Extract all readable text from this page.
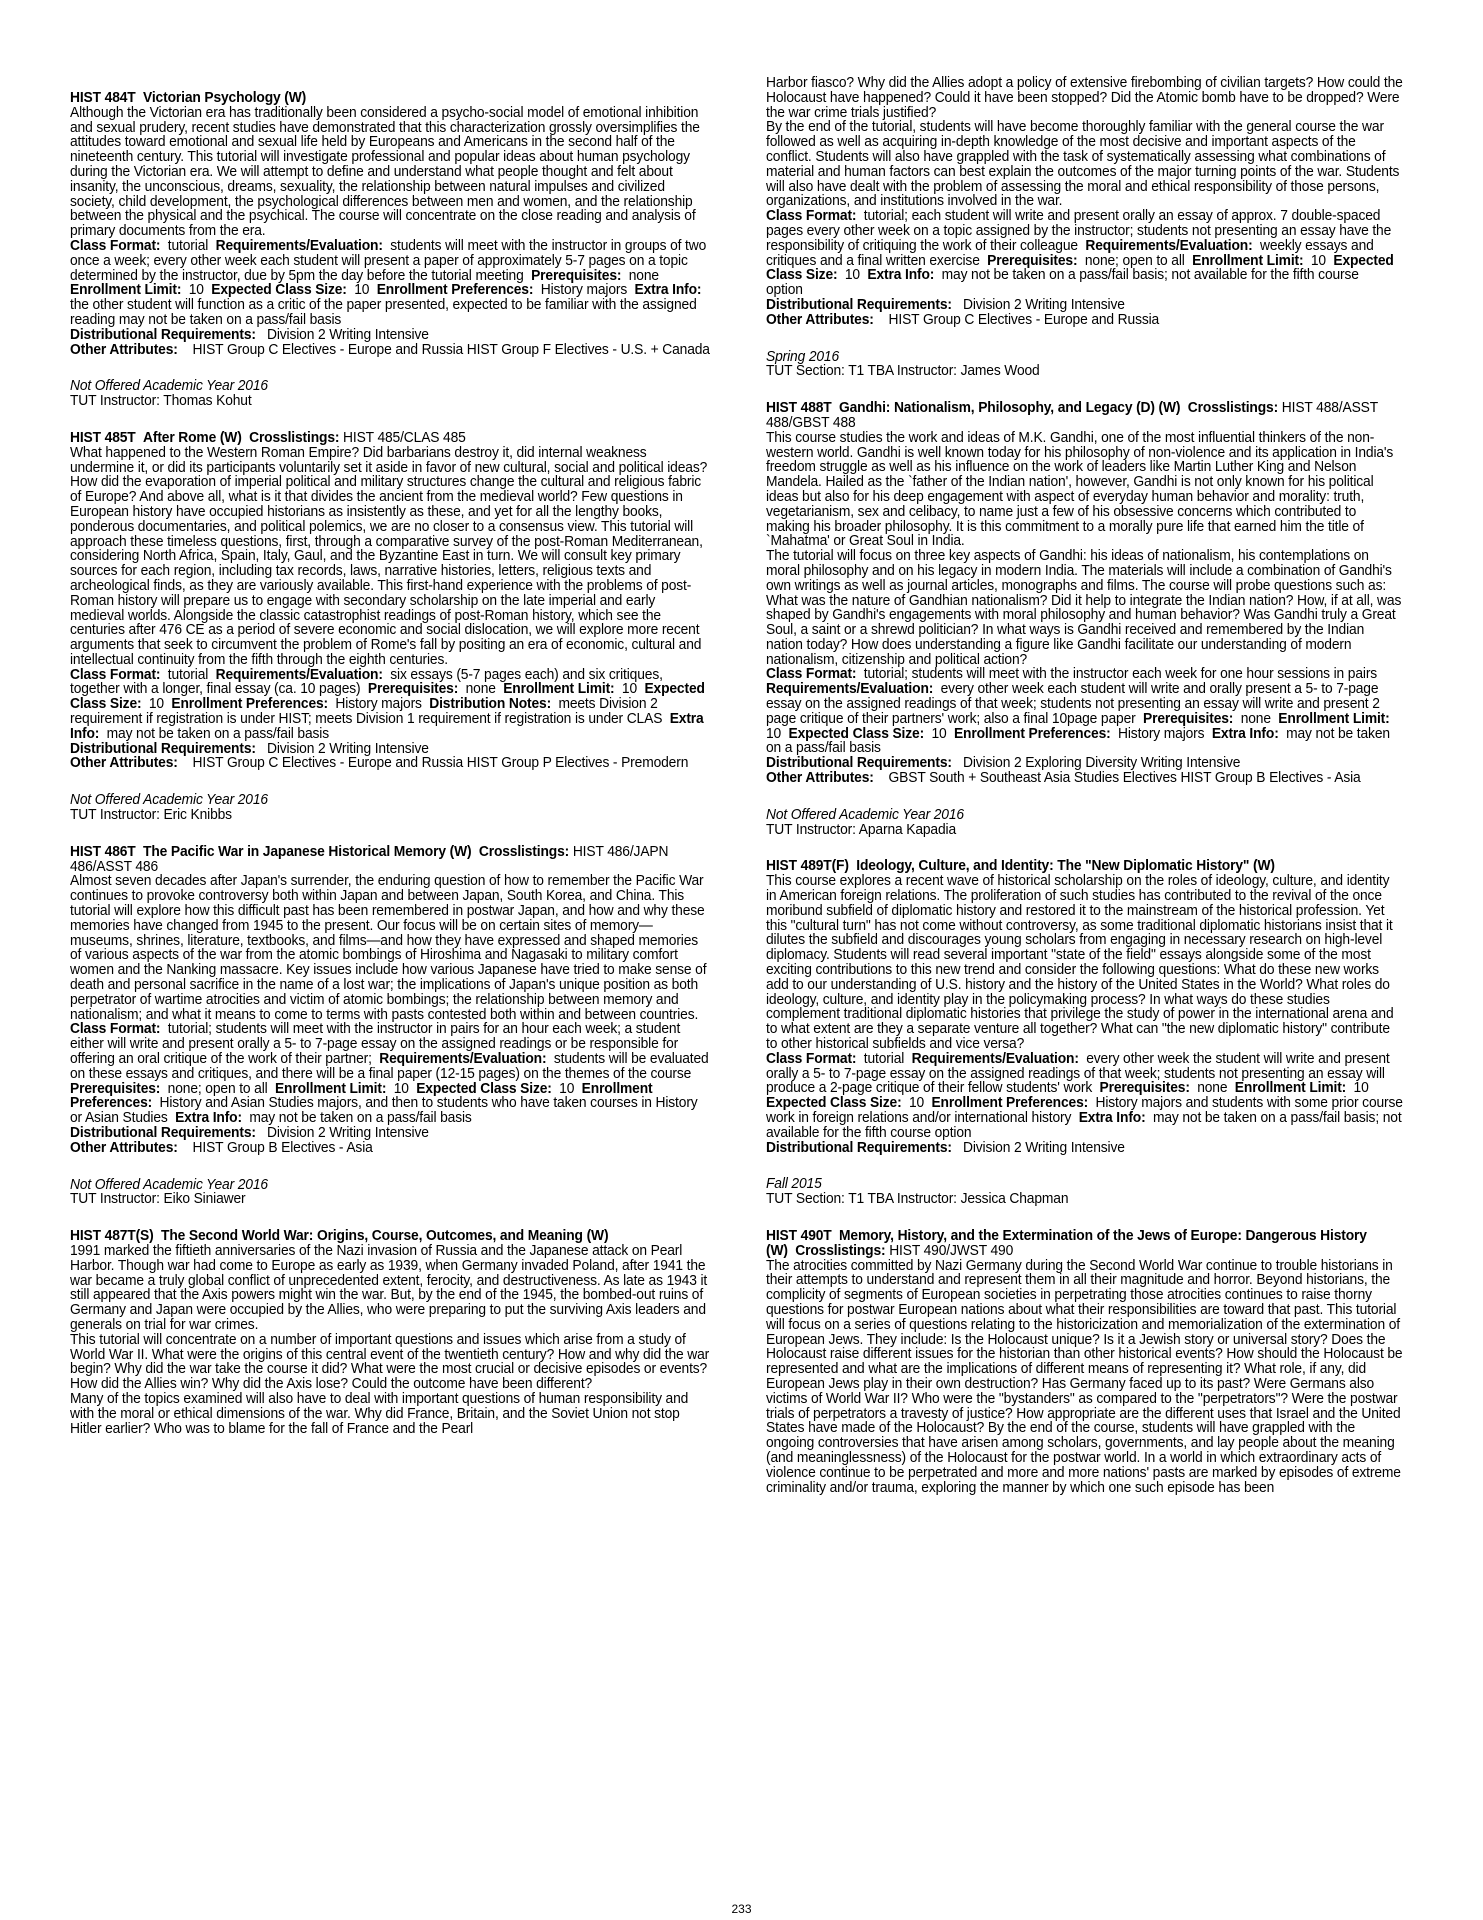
HIST 484T Victorian Psychology (W)

Although the Victorian era has traditionally been considered a psycho-social model of emotional inhibition and sexual prudery, recent studies have demonstrated that this characterization grossly oversimplifies the attitudes toward emotional and sexual life held by Europeans and Americans in the second half of the nineteenth century. This tutorial will investigate professional and popular ideas about human psychology during the Victorian era. We will attempt to define and understand what people thought and felt about insanity, the unconscious, dreams, sexuality, the relationship between natural impulses and civilized society, child development, the psychological differences between men and women, and the relationship between the physical and the psychical. The course will concentrate on the close reading and analysis of primary documents from the era.

Class Format: tutorial Requirements/Evaluation: students will meet with the instructor in groups of two once a week; every other week each student will present a paper of approximately 5-7 pages on a topic determined by the instructor, due by 5pm the day before the tutorial meeting Prerequisites: none  Enrollment Limit: 10 Expected Class Size: 10 Enrollment Preferences: History majors Extra Info:  the other student will function as a critic of the paper presented, expected to be familiar with the assigned reading may not be taken on a pass/fail basis

Distributional Requirements: Division 2 Writing Intensive

Other Attributes: HIST Group C Electives - Europe and Russia HIST Group F Electives - U.S. + Canada

Not Offered Academic Year 2016

TUT Instructor: Thomas Kohut

HIST 485T After Rome (W)  Crosslistings: HIST 485/CLAS 485

What happened to the Western Roman Empire? Did barbarians destroy it, did internal weakness undermine it, or did its participants voluntarily set it aside in favor of new cultural, social and political ideas? How did the evaporation of imperial political and military structures change the cultural and religious fabric of Europe? And above all, what is it that divides the ancient from the medieval world? Few questions in European history have occupied historians as insistently as these, and yet for all the lengthy books, ponderous documentaries, and political polemics, we are no closer to a consensus view. This tutorial will approach these timeless questions, first, through a comparative survey of the post-Roman Mediterranean, considering North Africa, Spain, Italy, Gaul, and the Byzantine East in turn. We will consult key primary sources for each region, including tax records, laws, narrative histories, letters, religious texts and archeological finds, as they are variously available. This first-hand experience with the problems of post-Roman history will prepare us to engage with secondary scholarship on the late imperial and early medieval worlds. Alongside the classic catastrophist readings of post-Roman history, which see the centuries after 476 CE as a period of severe economic and social dislocation, we will explore more recent arguments that seek to circumvent the problem of Rome's fall by positing an era of economic, cultural and intellectual continuity from the fifth through the eighth centuries.

Class Format: tutorial Requirements/Evaluation: six essays (5-7 pages each) and six critiques, together with a longer, final essay (ca. 10 pages) Prerequisites: none Enrollment Limit: 10 Expected Class Size: 10 Enrollment Preferences: History majors Distribution Notes: meets Division 2 requirement if registration is under HIST; meets Division 1 requirement if registration is under CLAS Extra Info: may not be taken on a pass/fail basis

Distributional Requirements: Division 2 Writing Intensive

Other Attributes: HIST Group C Electives - Europe and Russia HIST Group P Electives - Premodern

Not Offered Academic Year 2016

TUT Instructor: Eric Knibbs

HIST 486T The Pacific War in Japanese Historical Memory (W)  Crosslistings: HIST 486/JAPN 486/ASST 486

Almost seven decades after Japan's surrender, the enduring question of how to remember the Pacific War continues to provoke controversy both within Japan and between Japan, South Korea, and China. This tutorial will explore how this difficult past has been remembered in postwar Japan, and how and why these memories have changed from 1945 to the present. Our focus will be on certain sites of memory—museums, shrines, literature, textbooks, and films—and how they have expressed and shaped memories of various aspects of the war from the atomic bombings of Hiroshima and Nagasaki to military comfort women and the Nanking massacre. Key issues include how various Japanese have tried to make sense of death and personal sacrifice in the name of a lost war; the implications of Japan's unique position as both perpetrator of wartime atrocities and victim of atomic bombings; the relationship between memory and nationalism; and what it means to come to terms with pasts contested both within and between countries.

Class Format: tutorial; students will meet with the instructor in pairs for an hour each week; a student either will write and present orally a 5- to 7-page essay on the assigned readings or be responsible for offering an oral critique of the work of their partner; Requirements/Evaluation: students will be evaluated on these essays and critiques, and there will be a final paper (12-15 pages) on the themes of the course  Prerequisites: none; open to all Enrollment Limit: 10 Expected Class Size: 10 Enrollment Preferences: History and Asian Studies majors, and then to students who have taken courses in History or Asian Studies Extra Info: may not be taken on a pass/fail basis

Distributional Requirements: Division 2 Writing Intensive

Other Attributes: HIST Group B Electives - Asia

Not Offered Academic Year 2016

TUT Instructor: Eiko Siniawer

HIST 487T(S) The Second World War: Origins, Course, Outcomes, and Meaning (W)

1991 marked the fiftieth anniversaries of the Nazi invasion of Russia and the Japanese attack on Pearl Harbor. Though war had come to Europe as early as 1939, when Germany invaded Poland, after 1941 the war became a truly global conflict of unprecedented extent, ferocity, and destructiveness. As late as 1943 it still appeared that the Axis powers might win the war. But, by the end of the 1945, the bombed-out ruins of Germany and Japan were occupied by the Allies, who were preparing to put the surviving Axis leaders and generals on trial for war crimes.

This tutorial will concentrate on a number of important questions and issues which arise from a study of World War II. What were the origins of this central event of the twentieth century? How and why did the war begin? Why did the war take the course it did? What were the most crucial or decisive episodes or events? How did the Allies win? Why did the Axis lose? Could the outcome have been different?

Many of the topics examined will also have to deal with important questions of human responsibility and with the moral or ethical dimensions of the war. Why did France, Britain, and the Soviet Union not stop Hitler earlier? Who was to blame for the fall of France and the Pearl

Harbor fiasco? Why did the Allies adopt a policy of extensive firebombing of civilian targets? How could the Holocaust have happened? Could it have been stopped? Did the Atomic bomb have to be dropped? Were the war crime trials justified?

By the end of the tutorial, students will have become thoroughly familiar with the general course the war followed as well as acquiring in-depth knowledge of the most decisive and important aspects of the conflict. Students will also have grappled with the task of systematically assessing what combinations of material and human factors can best explain the outcomes of the major turning points of the war. Students will also have dealt with the problem of assessing the moral and ethical responsibility of those persons, organizations, and institutions involved in the war.

Class Format: tutorial; each student will write and present orally an essay of approx. 7 double-spaced pages every other week on a topic assigned by the instructor; students not presenting an essay have the responsibility of critiquing the work of their colleague Requirements/Evaluation: weekly essays and critiques and a final written exercise Prerequisites: none; open to all Enrollment Limit: 10 Expected Class Size: 10 Extra Info: may not be taken on a pass/fail basis; not available for the fifth course option

Distributional Requirements: Division 2 Writing Intensive

Other Attributes: HIST Group C Electives - Europe and Russia

Spring 2016

TUT Section: T1 TBA Instructor: James Wood

HIST 488T Gandhi: Nationalism, Philosophy, and Legacy (D) (W)  Crosslistings: HIST 488/ASST 488/GBST 488

This course studies the work and ideas of M.K. Gandhi, one of the most influential thinkers of the non-western world. Gandhi is well known today for his philosophy of non-violence and its application in India's freedom struggle as well as his influence on the work of leaders like Martin Luther King and Nelson Mandela. Hailed as the `father of the Indian nation', however, Gandhi is not only known for his political ideas but also for his deep engagement with aspect of everyday human behavior and morality: truth, vegetarianism, sex and celibacy, to name just a few of his obsessive concerns which contributed to making his broader philosophy. It is this commitment to a morally pure life that earned him the title of `Mahatma' or Great Soul in India.

The tutorial will focus on three key aspects of Gandhi: his ideas of nationalism, his contemplations on moral philosophy and on his legacy in modern India. The materials will include a combination of Gandhi's own writings as well as journal articles, monographs and films. The course will probe questions such as: What was the nature of Gandhian nationalism? Did it help to integrate the Indian nation? How, if at all, was shaped by Gandhi's engagements with moral philosophy and human behavior? Was Gandhi truly a Great Soul, a saint or a shrewd politician? In what ways is Gandhi received and remembered by the Indian nation today? How does understanding a figure like Gandhi facilitate our understanding of modern nationalism, citizenship and political action?

Class Format: tutorial; students will meet with the instructor each week for one hour sessions in pairs  Requirements/Evaluation: every other week each student will write and orally present a 5- to 7-page essay on the assigned readings of that week; students not presenting an essay will write and present 2 page critique of their partners' work; also a final 10page paper Prerequisites: none Enrollment Limit:  10 Expected Class Size: 10 Enrollment Preferences: History majors Extra Info: may not be taken on a pass/fail basis

Distributional Requirements: Division 2 Exploring Diversity Writing Intensive

Other Attributes: GBST South + Southeast Asia Studies Electives HIST Group B Electives - Asia

Not Offered Academic Year 2016

TUT Instructor: Aparna Kapadia

HIST 489T(F) Ideology, Culture, and Identity: The "New Diplomatic History" (W)

This course explores a recent wave of historical scholarship on the roles of ideology, culture, and identity in American foreign relations. The proliferation of such studies has contributed to the revival of the once moribund subfield of diplomatic history and restored it to the mainstream of the historical profession. Yet this "cultural turn" has not come without controversy, as some traditional diplomatic historians insist that it dilutes the subfield and discourages young scholars from engaging in necessary research on high-level diplomacy. Students will read several important "state of the field" essays alongside some of the most exciting contributions to this new trend and consider the following questions: What do these new works add to our understanding of U.S. history and the history of the United States in the World? What roles do ideology, culture, and identity play in the policymaking process? In what ways do these studies complement traditional diplomatic histories that privilege the study of power in the international arena and to what extent are they a separate venture all together? What can "the new diplomatic history" contribute to other historical subfields and vice versa?

Class Format: tutorial Requirements/Evaluation: every other week the student will write and present orally a 5- to 7-page essay on the assigned readings of that week; students not presenting an essay will produce a 2-page critique of their fellow students' work Prerequisites: none Enrollment Limit: 10  Expected Class Size: 10 Enrollment Preferences: History majors and students with some prior course work in foreign relations and/or international history Extra Info: may not be taken on a pass/fail basis; not available for the fifth course option

Distributional Requirements: Division 2 Writing Intensive

Fall 2015

TUT Section: T1 TBA Instructor: Jessica Chapman

HIST 490T Memory, History, and the Extermination of the Jews of Europe: Dangerous History (W)  Crosslistings: HIST 490/JWST 490

The atrocities committed by Nazi Germany during the Second World War continue to trouble historians in their attempts to understand and represent them in all their magnitude and horror. Beyond historians, the complicity of segments of European societies in perpetrating those atrocities continues to raise thorny questions for postwar European nations about what their responsibilities are toward that past. This tutorial will focus on a series of questions relating to the historicization and memorialization of the extermination of European Jews. They include: Is the Holocaust unique? Is it a Jewish story or universal story? Does the Holocaust raise different issues for the historian than other historical events? How should the Holocaust be represented and what are the implications of different means of representing it? What role, if any, did European Jews play in their own destruction? Has Germany faced up to its past? Were Germans also victims of World War II? Who were the "bystanders" as compared to the "perpetrators"? Were the postwar trials of perpetrators a travesty of justice? How appropriate are the different uses that Israel and the United States have made of the Holocaust? By the end of the course, students will have grappled with the ongoing controversies that have arisen among scholars, governments, and lay people about the meaning (and meaninglessness) of the Holocaust for the postwar world. In a world in which extraordinary acts of violence continue to be perpetrated and more and more nations' pasts are marked by episodes of extreme criminality and/or trauma, exploring the manner by which one such episode has been

233
